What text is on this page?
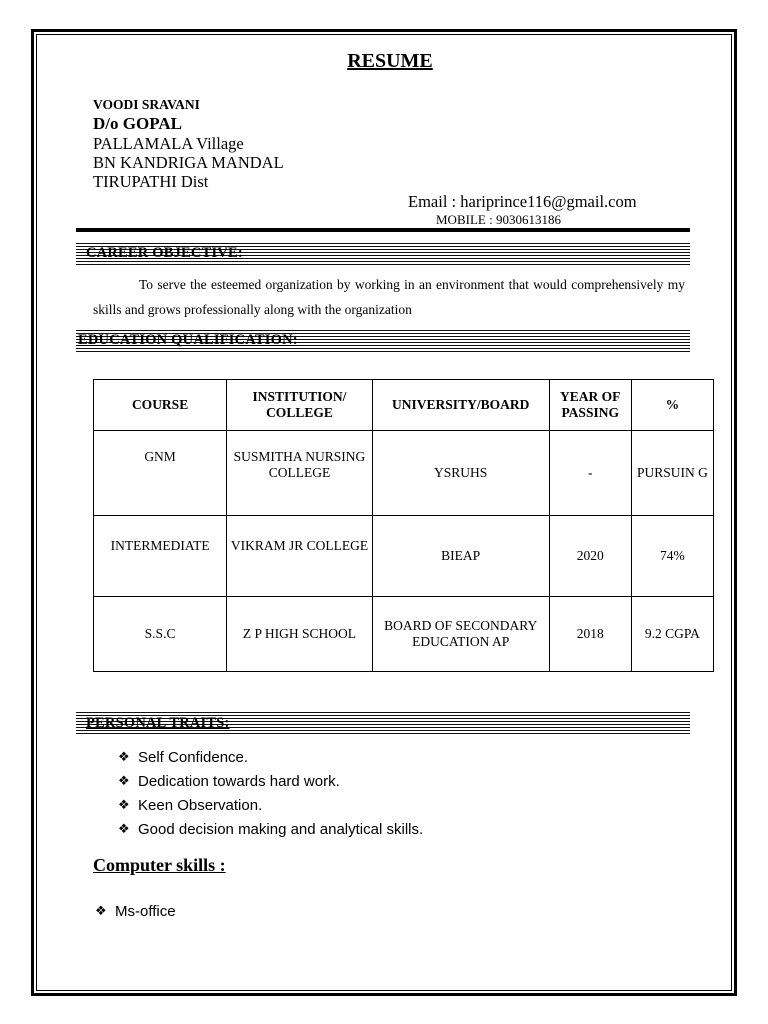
RESUME
VOODI SRAVANI
D/o GOPAL
PALLAMALA Village
BN KANDRIGA MANDAL
TIRUPATHI Dist
Email : hariprince116@gmail.com
MOBILE : 9030613186
CAREER OBJECTIVE:
To serve the esteemed organization by working in an environment that would comprehensively my skills and grows professionally along with the organization
EDUCATION QUALIFICATION:
COURSE	INSTITUTION/ COLLEGE	UNIVERSITY/BOARD	YEAR OF PASSING	%
GNM	SUSMITHA NURSING COLLEGE	YSRUHS	-	PURSUIN G
INTERMEDIATE	VIKRAM JR COLLEGE	BIEAP	2020	74%
S.S.C	Z P HIGH SCHOOL	BOARD OF SECONDARY EDUCATION AP	2018	9.2 CGPA
PERSONAL TRAITS:
❖ Self Confidence.
❖ Dedication towards hard work.
❖ Keen Observation.
❖ Good decision making and analytical skills.
Computer skills :
❖ Ms-office
